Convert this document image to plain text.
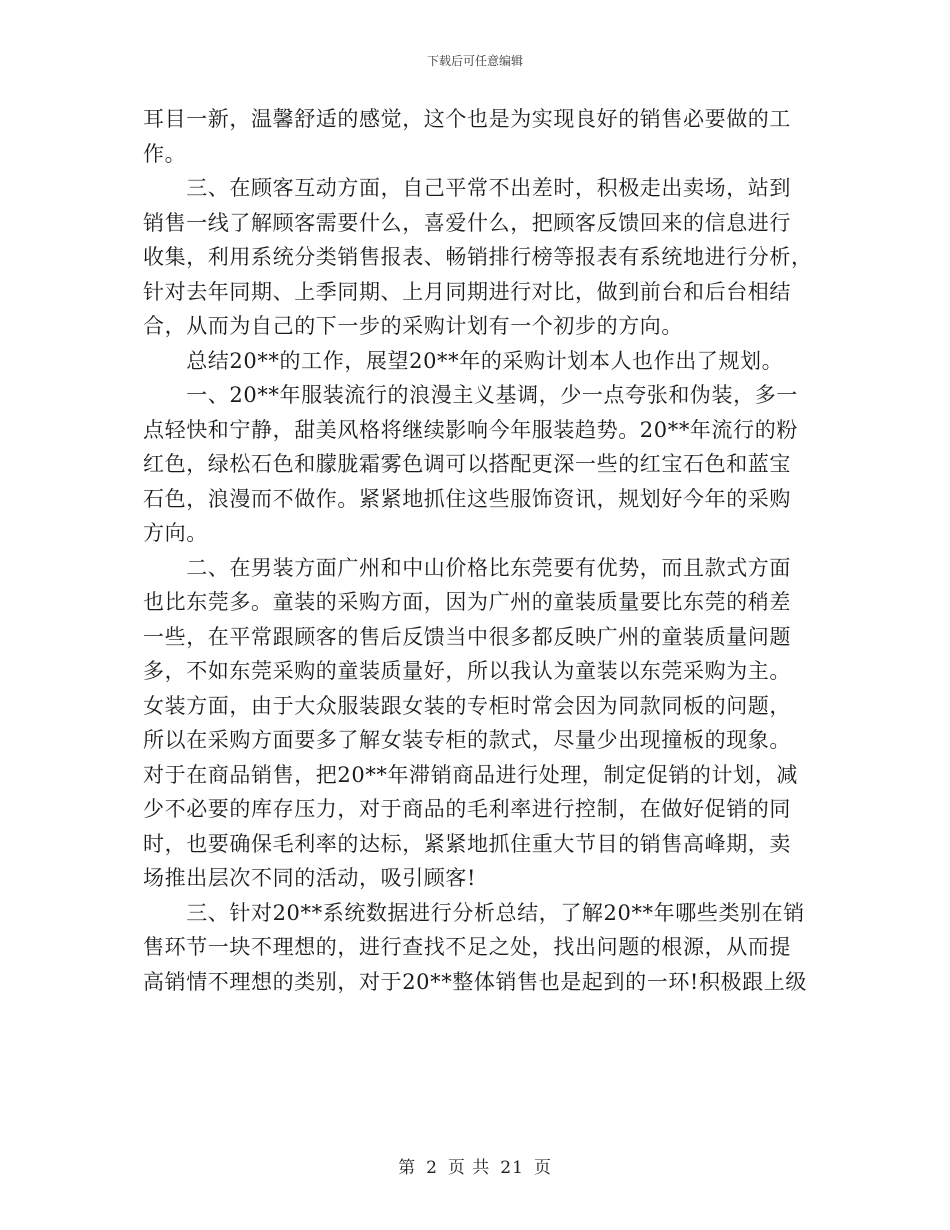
下载后可任意编辑

耳目一新，温馨舒适的感觉，这个也是为实现良好的销售必要做的工
作。
　　三、在顾客互动方面，自己平常不出差时，积极走出卖场，站到
销售一线了解顾客需要什么，喜爱什么，把顾客反馈回来的信息进行
收集，利用系统分类销售报表、畅销排行榜等报表有系统地进行分析，
针对去年同期、上季同期、上月同期进行对比，做到前台和后台相结
合，从而为自己的下一步的采购计划有一个初步的方向。
　　总结20**的工作，展望20**年的采购计划本人也作出了规划。
　　一、20**年服装流行的浪漫主义基调，少一点夸张和伪装，多一
点轻快和宁静，甜美风格将继续影响今年服装趋势。20**年流行的粉
红色，绿松石色和朦胧霜雾色调可以搭配更深一些的红宝石色和蓝宝
石色，浪漫而不做作。紧紧地抓住这些服饰资讯，规划好今年的采购
方向。
　　二、在男装方面广州和中山价格比东莞要有优势，而且款式方面
也比东莞多。童装的采购方面，因为广州的童装质量要比东莞的稍差
一些，在平常跟顾客的售后反馈当中很多都反映广州的童装质量问题
多，不如东莞采购的童装质量好，所以我认为童装以东莞采购为主。
女装方面，由于大众服装跟女装的专柜时常会因为同款同板的问题，
所以在采购方面要多了解女装专柜的款式，尽量少出现撞板的现象。
对于在商品销售，把20**年滞销商品进行处理，制定促销的计划，减
少不必要的库存压力，对于商品的毛利率进行控制，在做好促销的同
时，也要确保毛利率的达标，紧紧地抓住重大节目的销售高峰期，卖
场推出层次不同的活动，吸引顾客!
　　三、针对20**系统数据进行分析总结，了解20**年哪些类别在销
售环节一块不理想的，进行查找不足之处，找出问题的根源，从而提
高销情不理想的类别，对于20**整体销售也是起到的一环!积极跟上级

第 2 页 共 21 页
